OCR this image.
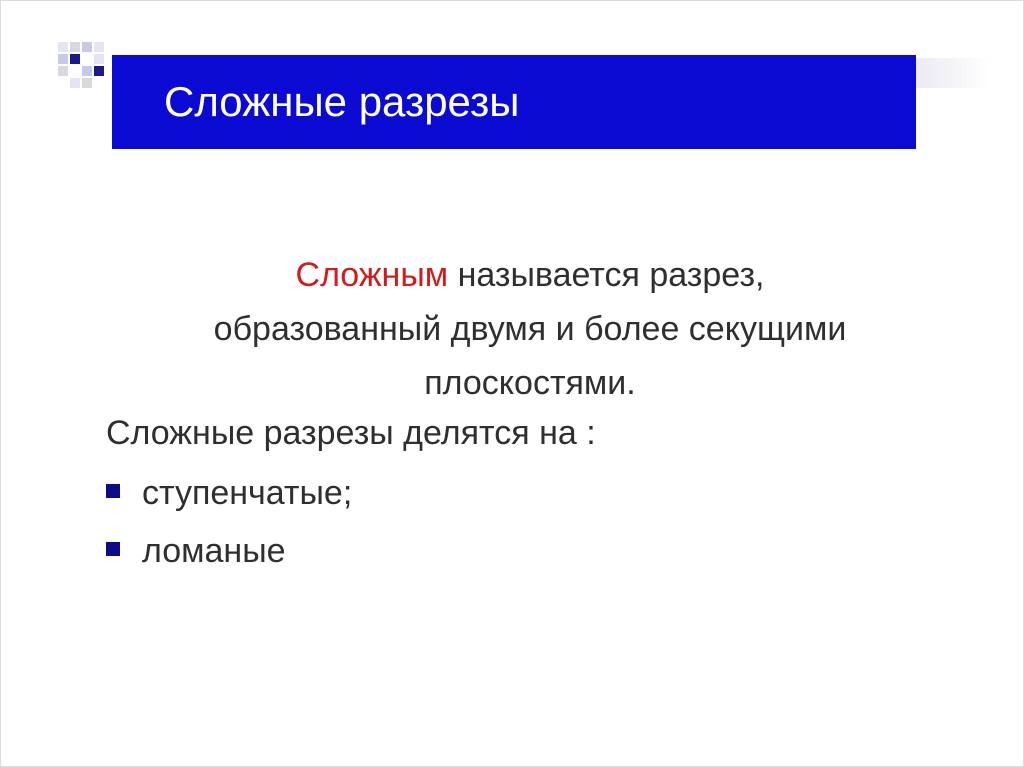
Сложные разрезы
Сложным называется разрез,
образованный двумя и более секущими
плоскостями.
Сложные разрезы делятся на :
ступенчатые;
ломаные
